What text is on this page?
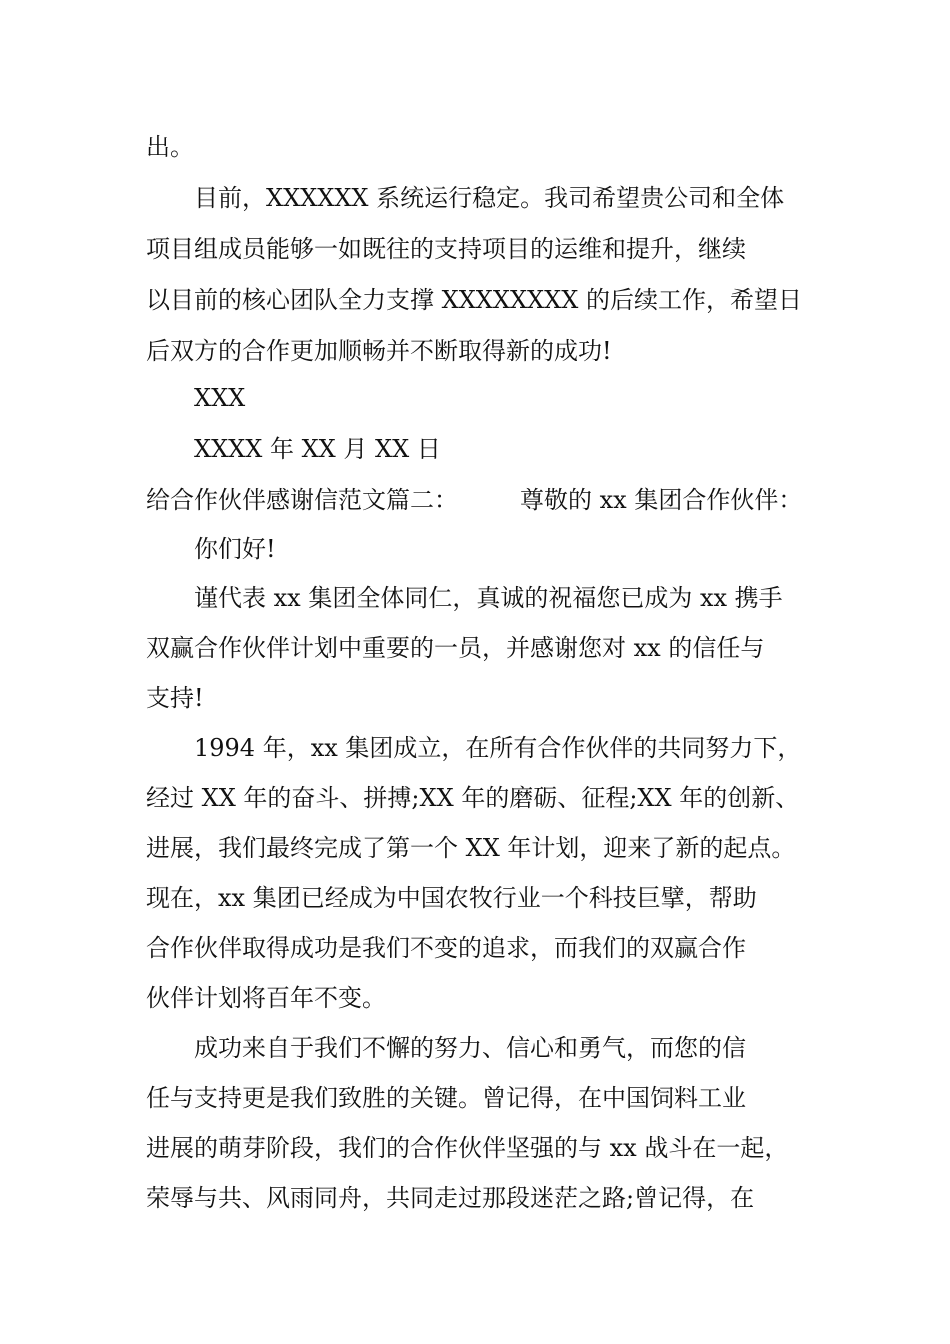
出。
目前，XXXXXX 系统运行稳定。我司希望贵公司和全体
项目组成员能够一如既往的支持项目的运维和提升，继续
以目前的核心团队全力支撑 XXXXXXXX 的后续工作，希望日
后双方的合作更加顺畅并不断取得新的成功!
XXX
XXXX 年 XX 月 XX 日
给合作伙伴感谢信范文篇二：	尊敬的 xx 集团合作伙伴：
你们好!
谨代表 xx 集团全体同仁，真诚的祝福您已成为 xx 携手
双赢合作伙伴计划中重要的一员，并感谢您对 xx 的信任与
支持!
1994 年，xx 集团成立，在所有合作伙伴的共同努力下，
经过 XX 年的奋斗、拼搏;XX 年的磨砺、征程;XX 年的创新、
进展，我们最终完成了第一个 XX 年计划，迎来了新的起点。
现在，xx 集团已经成为中国农牧行业一个科技巨擘，帮助
合作伙伴取得成功是我们不变的追求，而我们的双赢合作
伙伴计划将百年不变。
成功来自于我们不懈的努力、信心和勇气，而您的信
任与支持更是我们致胜的关键。曾记得，在中国饲料工业
进展的萌芽阶段，我们的合作伙伴坚强的与 xx 战斗在一起，
荣辱与共、风雨同舟，共同走过那段迷茫之路;曾记得，在
